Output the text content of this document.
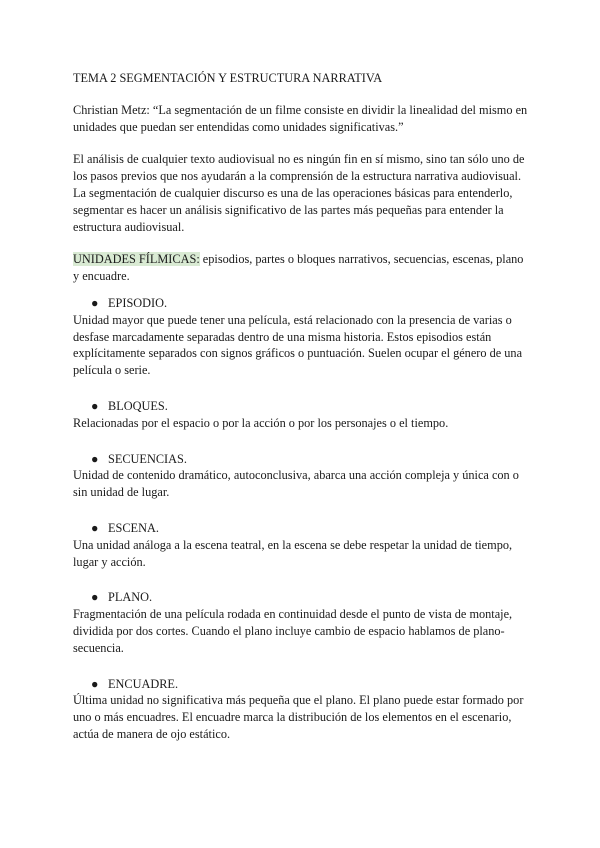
TEMA 2 SEGMENTACIÓN Y ESTRUCTURA NARRATIVA

Christian Metz: “La segmentación de un filme consiste en dividir la linealidad del mismo en unidades que puedan ser entendidas como unidades significativas.”

El análisis de cualquier texto audiovisual no es ningún fin en sí mismo, sino tan sólo uno de los pasos previos que nos ayudarán a la comprensión de la estructura narrativa audiovisual. La segmentación de cualquier discurso es una de las operaciones básicas para entenderlo, segmentar es hacer un análisis significativo de las partes más pequeñas para entender la estructura audiovisual.

UNIDADES FÍLMICAS: episodios, partes o bloques narrativos, secuencias, escenas, plano y encuadre.

● EPISODIO.

Unidad mayor que puede tener una película, está relacionado con la presencia de varias o desfase marcadamente separadas dentro de una misma historia. Estos episodios están explícitamente separados con signos gráficos o puntuación. Suelen ocupar el género de una película o serie.

● BLOQUES.

Relacionadas por el espacio o por la acción o por los personajes o el tiempo.

● SECUENCIAS.

Unidad de contenido dramático, autoconclusiva, abarca una acción compleja y única con o sin unidad de lugar.

● ESCENA.

Una unidad análoga a la escena teatral, en la escena se debe respetar la unidad de tiempo, lugar y acción.

● PLANO.

Fragmentación de una película rodada en continuidad desde el punto de vista de montaje, dividida por dos cortes. Cuando el plano incluye cambio de espacio hablamos de plano-secuencia.

● ENCUADRE.

Última unidad no significativa más pequeña que el plano. El plano puede estar formado por uno o más encuadres. El encuadre marca la distribución de los elementos en el escenario, actúa de manera de ojo estático.
